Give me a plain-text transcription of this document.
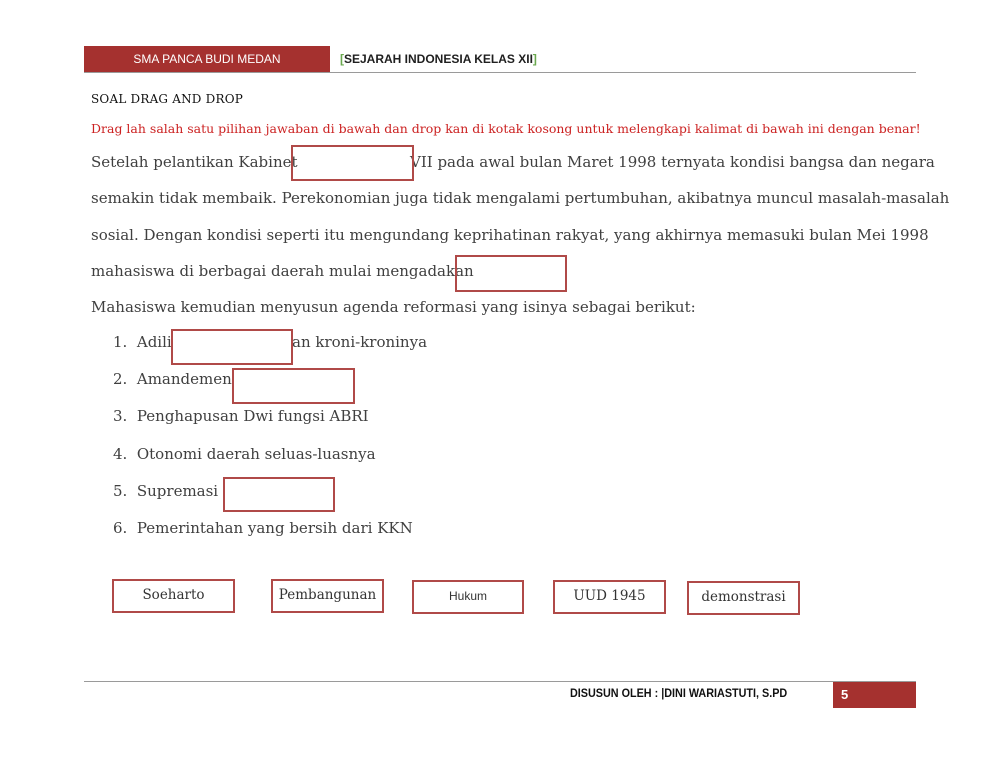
SMA PANCA BUDI MEDAN	[SEJARAH INDONESIA KELAS XII]
SOAL DRAG AND DROP
Drag lah salah satu pilihan jawaban di bawah dan drop kan di kotak kosong untuk melengkapi kalimat di bawah ini dengan benar!
Setelah pelantikan Kabinet	VII pada awal bulan Maret 1998 ternyata kondisi bangsa dan negara
semakin tidak membaik. Perekonomian juga tidak mengalami pertumbuhan, akibatnya muncul masalah-masalah
sosial. Dengan kondisi seperti itu mengundang keprihatinan rakyat, yang akhirnya memasuki bulan Mei 1998
mahasiswa di berbagai daerah mulai mengadakan
Mahasiswa kemudian menyusun agenda reformasi yang isinya sebagai berikut:
1. Adili	an kroni-kroninya
2. Amandemen
3. Penghapusan Dwi fungsi ABRI
4. Otonomi daerah seluas-luasnya
5. Supremasi
6. Pemerintahan yang bersih dari KKN
Soeharto	Pembangunan	Hukum	UUD 1945	demonstrasi
DISUSUN OLEH : |DINI WARIASTUTI, S.PD	5
